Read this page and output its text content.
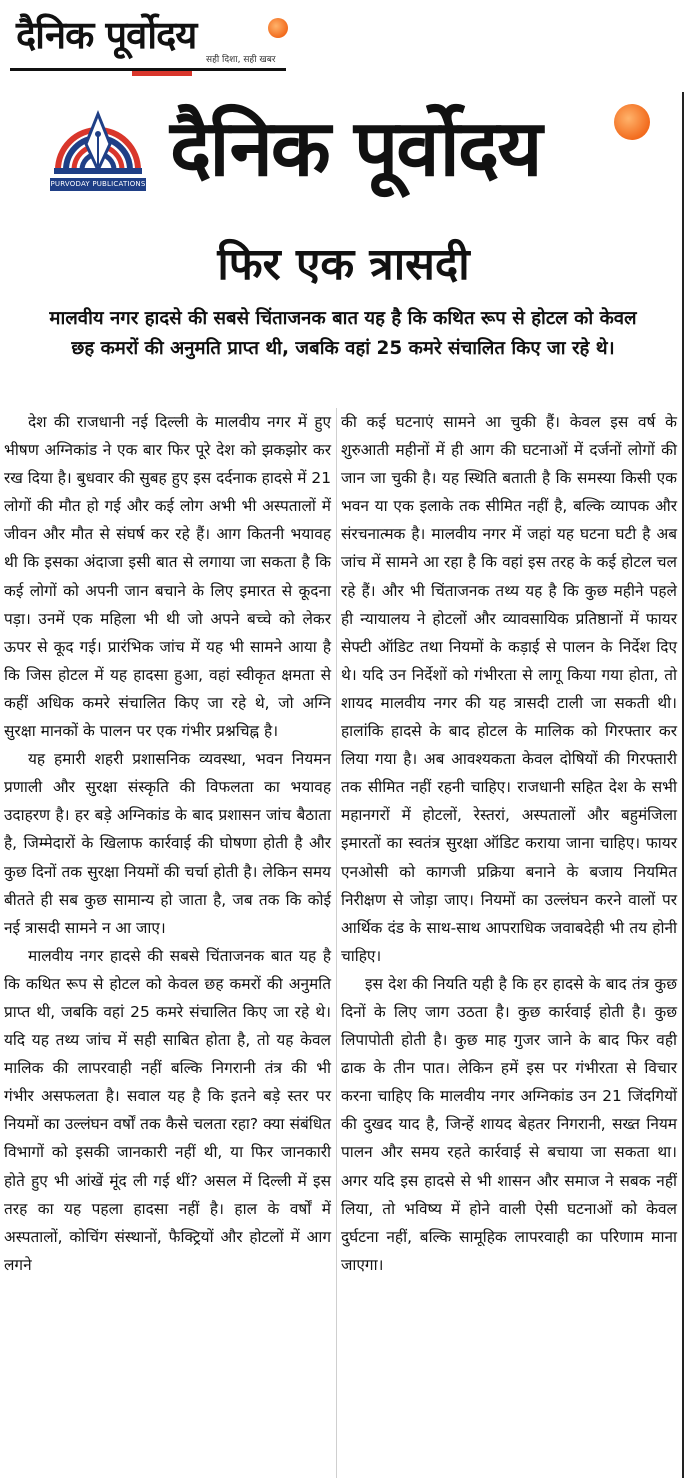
दैनिक पूर्वोदय
सही दिशा, सही खबर
PURVODAY PUBLICATIONS दैनिक पूर्वोदय
फिर एक त्रासदी
मालवीय नगर हादसे की सबसे चिंताजनक बात यह है कि कथित रूप से होटल को केवल छह कमरों की अनुमति प्राप्त थी, जबकि वहां 25 कमरे संचालित किए जा रहे थे।

देश की राजधानी नई दिल्ली के मालवीय नगर में हुए भीषण अग्निकांड ने एक बार फिर पूरे देश को झकझोर कर रख दिया है। बुधवार की सुबह हुए इस दर्दनाक हादसे में 21 लोगों की मौत हो गई और कई लोग अभी भी अस्पतालों में जीवन और मौत से संघर्ष कर रहे हैं। आग कितनी भयावह थी कि इसका अंदाजा इसी बात से लगाया जा सकता है कि कई लोगों को अपनी जान बचाने के लिए इमारत से कूदना पड़ा। उनमें एक महिला भी थी जो अपने बच्चे को लेकर ऊपर से कूद गई। प्रारंभिक जांच में यह भी सामने आया है कि जिस होटल में यह हादसा हुआ, वहां स्वीकृत क्षमता से कहीं अधिक कमरे संचालित किए जा रहे थे, जो अग्नि सुरक्षा मानकों के पालन पर एक गंभीर प्रश्नचिह्न है।

यह हमारी शहरी प्रशासनिक व्यवस्था, भवन नियमन प्रणाली और सुरक्षा संस्कृति की विफलता का भयावह उदाहरण है। हर बड़े अग्निकांड के बाद प्रशासन जांच बैठाता है, जिम्मेदारों के खिलाफ कार्रवाई की घोषणा होती है और कुछ दिनों तक सुरक्षा नियमों की चर्चा होती है। लेकिन समय बीतते ही सब कुछ सामान्य हो जाता है, जब तक कि कोई नई त्रासदी सामने न आ जाए।

मालवीय नगर हादसे की सबसे चिंताजनक बात यह है कि कथित रूप से होटल को केवल छह कमरों की अनुमति प्राप्त थी, जबकि वहां 25 कमरे संचालित किए जा रहे थे। यदि यह तथ्य जांच में सही साबित होता है, तो यह केवल मालिक की लापरवाही नहीं बल्कि निगरानी तंत्र की भी गंभीर असफलता है। सवाल यह है कि इतने बड़े स्तर पर नियमों का उल्लंघन वर्षों तक कैसे चलता रहा? क्या संबंधित विभागों को इसकी जानकारी नहीं थी, या फिर जानकारी होते हुए भी आंखें मूंद ली गई थीं? असल में दिल्ली में इस तरह का यह पहला हादसा नहीं है। हाल के वर्षों में अस्पतालों, कोचिंग संस्थानों, फैक्ट्रियों और होटलों में आग लगने

की कई घटनाएं सामने आ चुकी हैं। केवल इस वर्ष के शुरुआती महीनों में ही आग की घटनाओं में दर्जनों लोगों की जान जा चुकी है। यह स्थिति बताती है कि समस्या किसी एक भवन या एक इलाके तक सीमित नहीं है, बल्कि व्यापक और संरचनात्मक है। मालवीय नगर में जहां यह घटना घटी है अब जांच में सामने आ रहा है कि वहां इस तरह के कई होटल चल रहे हैं। और भी चिंताजनक तथ्य यह है कि कुछ महीने पहले ही न्यायालय ने होटलों और व्यावसायिक प्रतिष्ठानों में फायर सेफ्टी ऑडिट तथा नियमों के कड़ाई से पालन के निर्देश दिए थे। यदि उन निर्देशों को गंभीरता से लागू किया गया होता, तो शायद मालवीय नगर की यह त्रासदी टाली जा सकती थी। हालांकि हादसे के बाद होटल के मालिक को गिरफ्तार कर लिया गया है। अब आवश्यकता केवल दोषियों की गिरफ्तारी तक सीमित नहीं रहनी चाहिए। राजधानी सहित देश के सभी महानगरों में होटलों, रेस्तरां, अस्पतालों और बहुमंजिला इमारतों का स्वतंत्र सुरक्षा ऑडिट कराया जाना चाहिए। फायर एनओसी को कागजी प्रक्रिया बनाने के बजाय नियमित निरीक्षण से जोड़ा जाए। नियमों का उल्लंघन करने वालों पर आर्थिक दंड के साथ-साथ आपराधिक जवाबदेही भी तय होनी चाहिए।

इस देश की नियति यही है कि हर हादसे के बाद तंत्र कुछ दिनों के लिए जाग उठता है। कुछ कार्रवाई होती है। कुछ लिपापोती होती है। कुछ माह गुजर जाने के बाद फिर वही ढाक के तीन पात। लेकिन हमें इस पर गंभीरता से विचार करना चाहिए कि मालवीय नगर अग्निकांड उन 21 जिंदगियों की दुखद याद है, जिन्हें शायद बेहतर निगरानी, सख्त नियम पालन और समय रहते कार्रवाई से बचाया जा सकता था। अगर यदि इस हादसे से भी शासन और समाज ने सबक नहीं लिया, तो भविष्य में होने वाली ऐसी घटनाओं को केवल दुर्घटना नहीं, बल्कि सामूहिक लापरवाही का परिणाम माना जाएगा।
